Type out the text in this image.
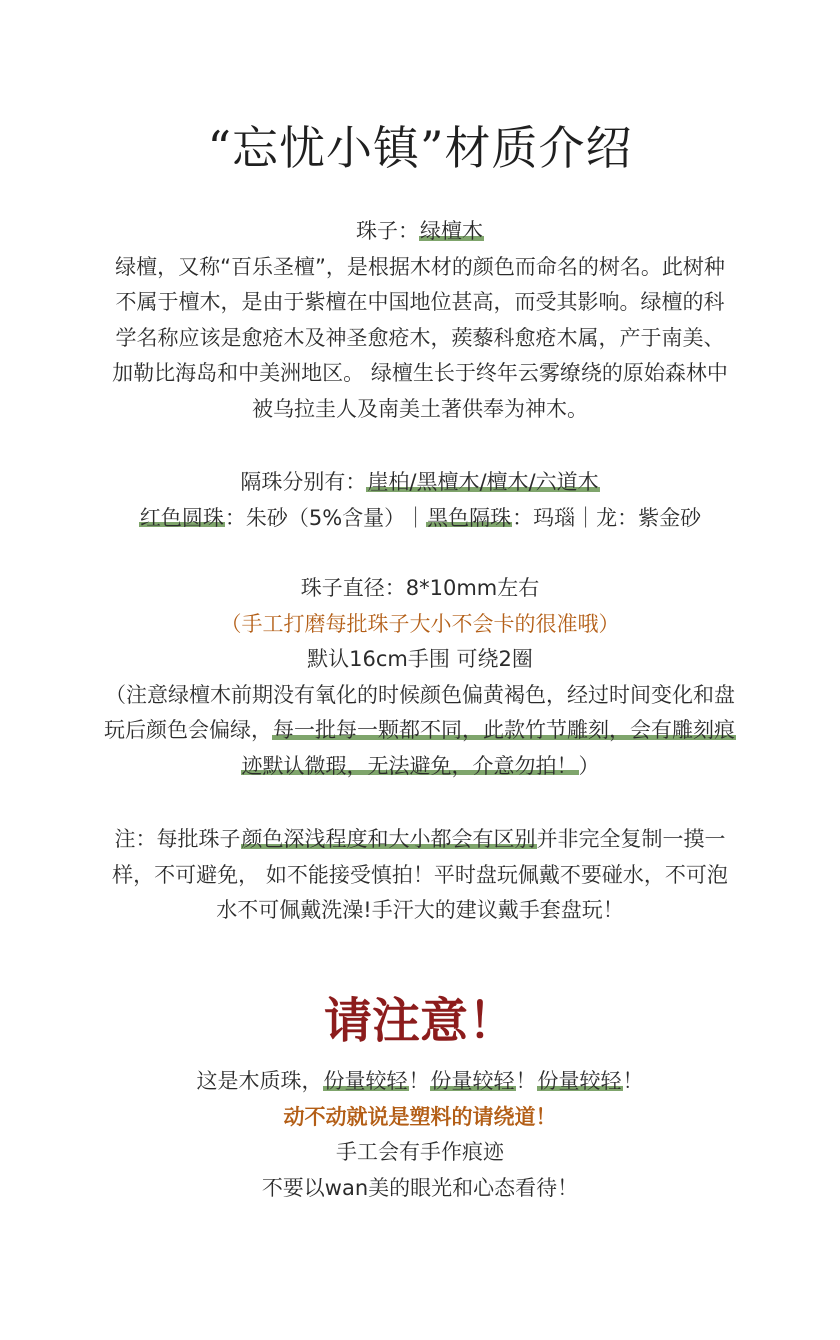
“忘忧小镇”材质介绍
珠子：绿檀木
绿檀，又称“百乐圣檀”，是根据木材的颜色而命名的树名。此树种
不属于檀木，是由于紫檀在中国地位甚高，而受其影响。绿檀的科
学名称应该是愈疮木及神圣愈疮木，蒺藜科愈疮木属，产于南美、
加勒比海岛和中美洲地区。 绿檀生长于终年云雾缭绕的原始森林中
被乌拉圭人及南美土著供奉为神木。
隔珠分别有：崖柏/黑檀木/檀木/六道木
红色圆珠：朱砂（5%含量）｜黑色隔珠：玛瑙｜龙：紫金砂
珠子直径：8*10mm左右
（手工打磨每批珠子大小不会卡的很准哦）
默认16cm手围 可绕2圈
（注意绿檀木前期没有氧化的时候颜色偏黄褐色，经过时间变化和盘
玩后颜色会偏绿，每一批每一颗都不同，此款竹节雕刻，会有雕刻痕
迹默认微瑕，无法避免，介意勿拍！）
注：每批珠子颜色深浅程度和大小都会有区别并非完全复制一摸一
样，不可避免， 如不能接受慎拍！平时盘玩佩戴不要碰水，不可泡
水不可佩戴洗澡!手汗大的建议戴手套盘玩！
请注意！
这是木质珠，份量较轻！份量较轻！份量较轻！
动不动就说是塑料的请绕道！
手工会有手作痕迹
不要以wan美的眼光和心态看待！
